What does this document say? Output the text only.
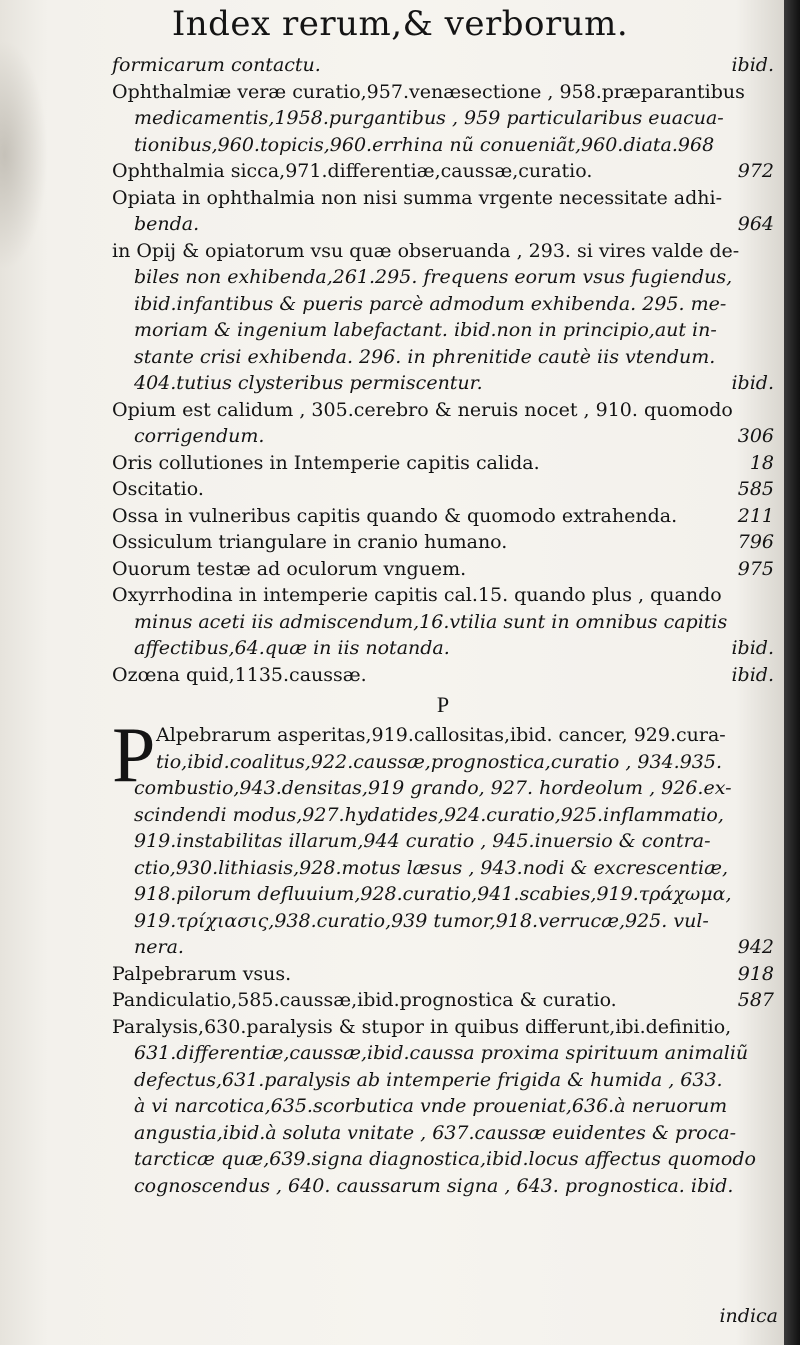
Index rerum,& verborum.
formicarum contactu.	ibid.
Ophthalmiæ veræ curatio,957.venæsectione , 958.præparantibus
medicamentis,1958.purgantibus , 959 particularibus euacua-
tionibus,960.topicis,960.errhina nũ conueniãt,960.diata.968
Ophthalmia sicca,971.differentiæ,caussæ,curatio.	972
Opiata in ophthalmia non nisi summa vrgente necessitate adhi-
benda.	964
in Opij & opiatorum vsu quæ obseruanda , 293. si vires valde de-
biles non exhibenda,261.295. frequens eorum vsus fugiendus,
ibid.infantibus & pueris parcè admodum exhibenda. 295. me-
moriam & ingenium labefactant. ibid.non in principio,aut in-
stante crisi exhibenda. 296. in phrenitide cautè iis vtendum.
404.tutius clysteribus permiscentur.	ibid.
Opium est calidum , 305.cerebro & neruis nocet , 910. quomodo
corrigendum.	306
Oris collutiones in Intemperie capitis calida.	18
Oscitatio.	585
Ossa in vulneribus capitis quando & quomodo extrahenda.	211
Ossiculum triangulare in cranio humano.	796
Ouorum testæ ad oculorum vnguem.	975
Oxyrrhodina in intemperie capitis cal.15. quando plus , quando
minus aceti iis admiscendum,16.vtilia sunt in omnibus capitis
affectibus,64.quæ in iis notanda.	ibid.
Ozœna quid,1135.caussæ.	ibid.
P
P Alpebrarum asperitas,919.callositas,ibid. cancer, 929.cura-
tio,ibid.coalitus,922.caussæ,prognostica,curatio , 934.935.
combustio,943.densitas,919 grando, 927. hordeolum , 926.ex-
scindendi modus,927.hydatides,924.curatio,925.inflammatio,
919.instabilitas illarum,944 curatio , 945.inuersio & contra-
ctio,930.lithiasis,928.motus læsus , 943.nodi & excrescentiæ,
918.pilorum defluuium,928.curatio,941.scabies,919.τράχωμα,
919.τρίχιασις,938.curatio,939 tumor,918.verrucæ,925. vul-
nera.	942
Palpebrarum vsus.	918
Pandiculatio,585.caussæ,ibid.prognostica & curatio.	587
Paralysis,630.paralysis & stupor in quibus differunt,ibi.definitio,
631.differentiæ,caussæ,ibid.caussa proxima spirituum animaliũ
defectus,631.paralysis ab intemperie frigida & humida , 633.
à vi narcotica,635.scorbutica vnde proueniat,636.à neruorum
angustia,ibid.à soluta vnitate , 637.caussæ euidentes & proca-
tarcticæ quæ,639.signa diagnostica,ibid.locus affectus quomodo
cognoscendus , 640. caussarum signa , 643. prognostica. ibid.
indica
